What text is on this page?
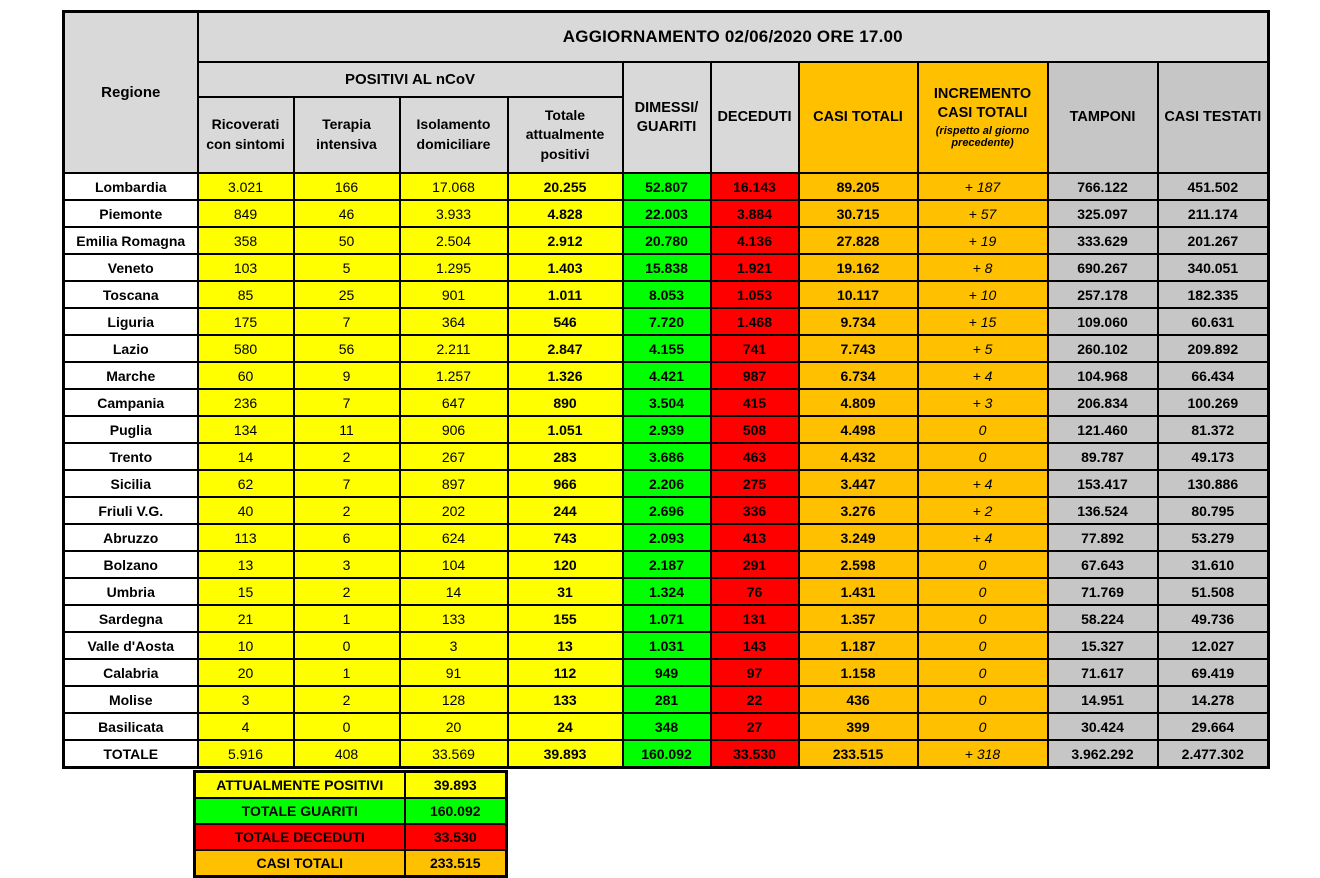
Regione	AGGIORNAMENTO 02/06/2020 ORE 17.00									
	POSITIVI AL nCoV				DIMESSI/ GUARITI	DECEDUTI	CASI TOTALI	INCREMENTO CASI TOTALI
(rispetto al giorno precedente)	TAMPONI	CASI TESTATI
	Ricoverati con sintomi	Terapia intensiva	Isolamento domiciliare	Totale attualmente positivi						
Lombardia	3.021	166	17.068	20.255	52.807	16.143	89.205	+ 187	766.122	451.502
Piemonte	849	46	3.933	4.828	22.003	3.884	30.715	+ 57	325.097	211.174
Emilia Romagna	358	50	2.504	2.912	20.780	4.136	27.828	+ 19	333.629	201.267
Veneto	103	5	1.295	1.403	15.838	1.921	19.162	+ 8	690.267	340.051
Toscana	85	25	901	1.011	8.053	1.053	10.117	+ 10	257.178	182.335
Liguria	175	7	364	546	7.720	1.468	9.734	+ 15	109.060	60.631
Lazio	580	56	2.211	2.847	4.155	741	7.743	+ 5	260.102	209.892
Marche	60	9	1.257	1.326	4.421	987	6.734	+ 4	104.968	66.434
Campania	236	7	647	890	3.504	415	4.809	+ 3	206.834	100.269
Puglia	134	11	906	1.051	2.939	508	4.498	0	121.460	81.372
Trento	14	2	267	283	3.686	463	4.432	0	89.787	49.173
Sicilia	62	7	897	966	2.206	275	3.447	+ 4	153.417	130.886
Friuli V.G.	40	2	202	244	2.696	336	3.276	+ 2	136.524	80.795
Abruzzo	113	6	624	743	2.093	413	3.249	+ 4	77.892	53.279
Bolzano	13	3	104	120	2.187	291	2.598	0	67.643	31.610
Umbria	15	2	14	31	1.324	76	1.431	0	71.769	51.508
Sardegna	21	1	133	155	1.071	131	1.357	0	58.224	49.736
Valle d'Aosta	10	0	3	13	1.031	143	1.187	0	15.327	12.027
Calabria	20	1	91	112	949	97	1.158	0	71.617	69.419
Molise	3	2	128	133	281	22	436	0	14.951	14.278
Basilicata	4	0	20	24	348	27	399	0	30.424	29.664
TOTALE	5.916	408	33.569	39.893	160.092	33.530	233.515	+ 318	3.962.292	2.477.302
ATTUALMENTE POSITIVI	39.893
TOTALE GUARITI	160.092
TOTALE DECEDUTI	33.530
CASI TOTALI	233.515
